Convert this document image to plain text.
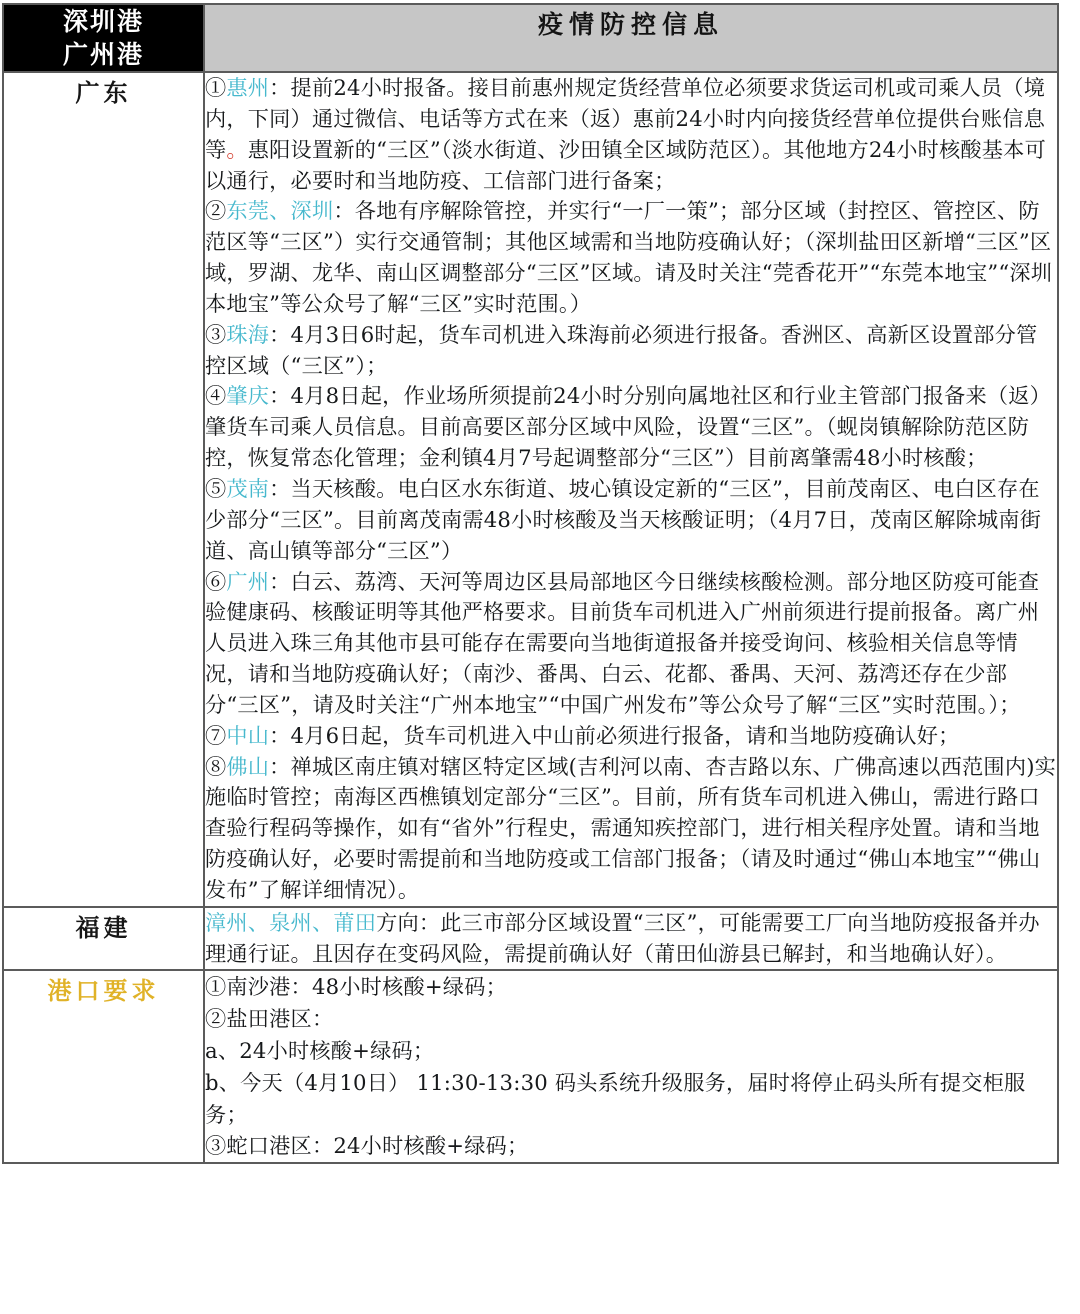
深圳港
广州港	疫情防控信息
广东	①惠州：提前24小时报备。接目前惠州规定货经营单位必须要求货运司机或司乘人员（境内，下同）通过微信、电话等方式在来（返）惠前24小时内向接货经营单位提供台账信息等。惠阳设置新的“三区”（淡水街道、沙田镇全区域防范区）。其他地方24小时核酸基本可以通行，必要时和当地防疫、工信部门进行备案；

②东莞、深圳：各地有序解除管控，并实行“一厂一策”；部分区域（封控区、管控区、防范区等“三区”）实行交通管制；其他区域需和当地防疫确认好；（深圳盐田区新增“三区”区域，罗湖、龙华、南山区调整部分“三区”区域。请及时关注“莞香花开”“东莞本地宝”“深圳本地宝”等公众号了解“三区”实时范围。）

③珠海：4月3日6时起，货车司机进入珠海前必须进行报备。香洲区、高新区设置部分管控区域（“三区”）；

④肇庆：4月8日起，作业场所须提前24小时分别向属地社区和行业主管部门报备来（返）肇货车司乘人员信息。目前高要区部分区域中风险，设置“三区”。（蚬岗镇解除防范区防控，恢复常态化管理；金利镇4月7号起调整部分“三区”）目前离肇需48小时核酸；

⑤茂南：当天核酸。电白区水东街道、坡心镇设定新的“三区”，目前茂南区、电白区存在少部分“三区”。目前离茂南需48小时核酸及当天核酸证明；（4月7日，茂南区解除城南街道、高山镇等部分“三区”）

⑥广州：白云、荔湾、天河等周边区县局部地区今日继续核酸检测。部分地区防疫可能查验健康码、核酸证明等其他严格要求。目前货车司机进入广州前须进行提前报备。离广州人员进入珠三角其他市县可能存在需要向当地街道报备并接受询问、核验相关信息等情况，请和当地防疫确认好；（南沙、番禺、白云、花都、番禺、天河、荔湾还存在少部分“三区”，请及时关注“广州本地宝”“中国广州发布”等公众号了解“三区”实时范围。）；

⑦中山：4月6日起，货车司机进入中山前必须进行报备，请和当地防疫确认好；

⑧佛山：禅城区南庄镇对辖区特定区域(吉利河以南、杏吉路以东、广佛高速以西范围内)实施临时管控；南海区西樵镇划定部分“三区”。目前，所有货车司机进入佛山，需进行路口查验行程码等操作，如有“省外”行程史，需通知疾控部门，进行相关程序处置。请和当地防疫确认好，必要时需提前和当地防疫或工信部门报备；（请及时通过“佛山本地宝”“佛山发布”了解详细情况）。

福建	漳州、泉州、莆田方向：此三市部分区域设置“三区”，可能需要工厂向当地防疫报备并办理通行证。且因存在变码风险，需提前确认好（莆田仙游县已解封，和当地确认好）。

港口要求	①南沙港：48小时核酸+绿码；

②盐田港区：

a、24小时核酸+绿码；

b、今天（4月10日） 11:30-13:30 码头系统升级服务，届时将停止码头所有提交柜服务；

③蛇口港区：24小时核酸+绿码；
